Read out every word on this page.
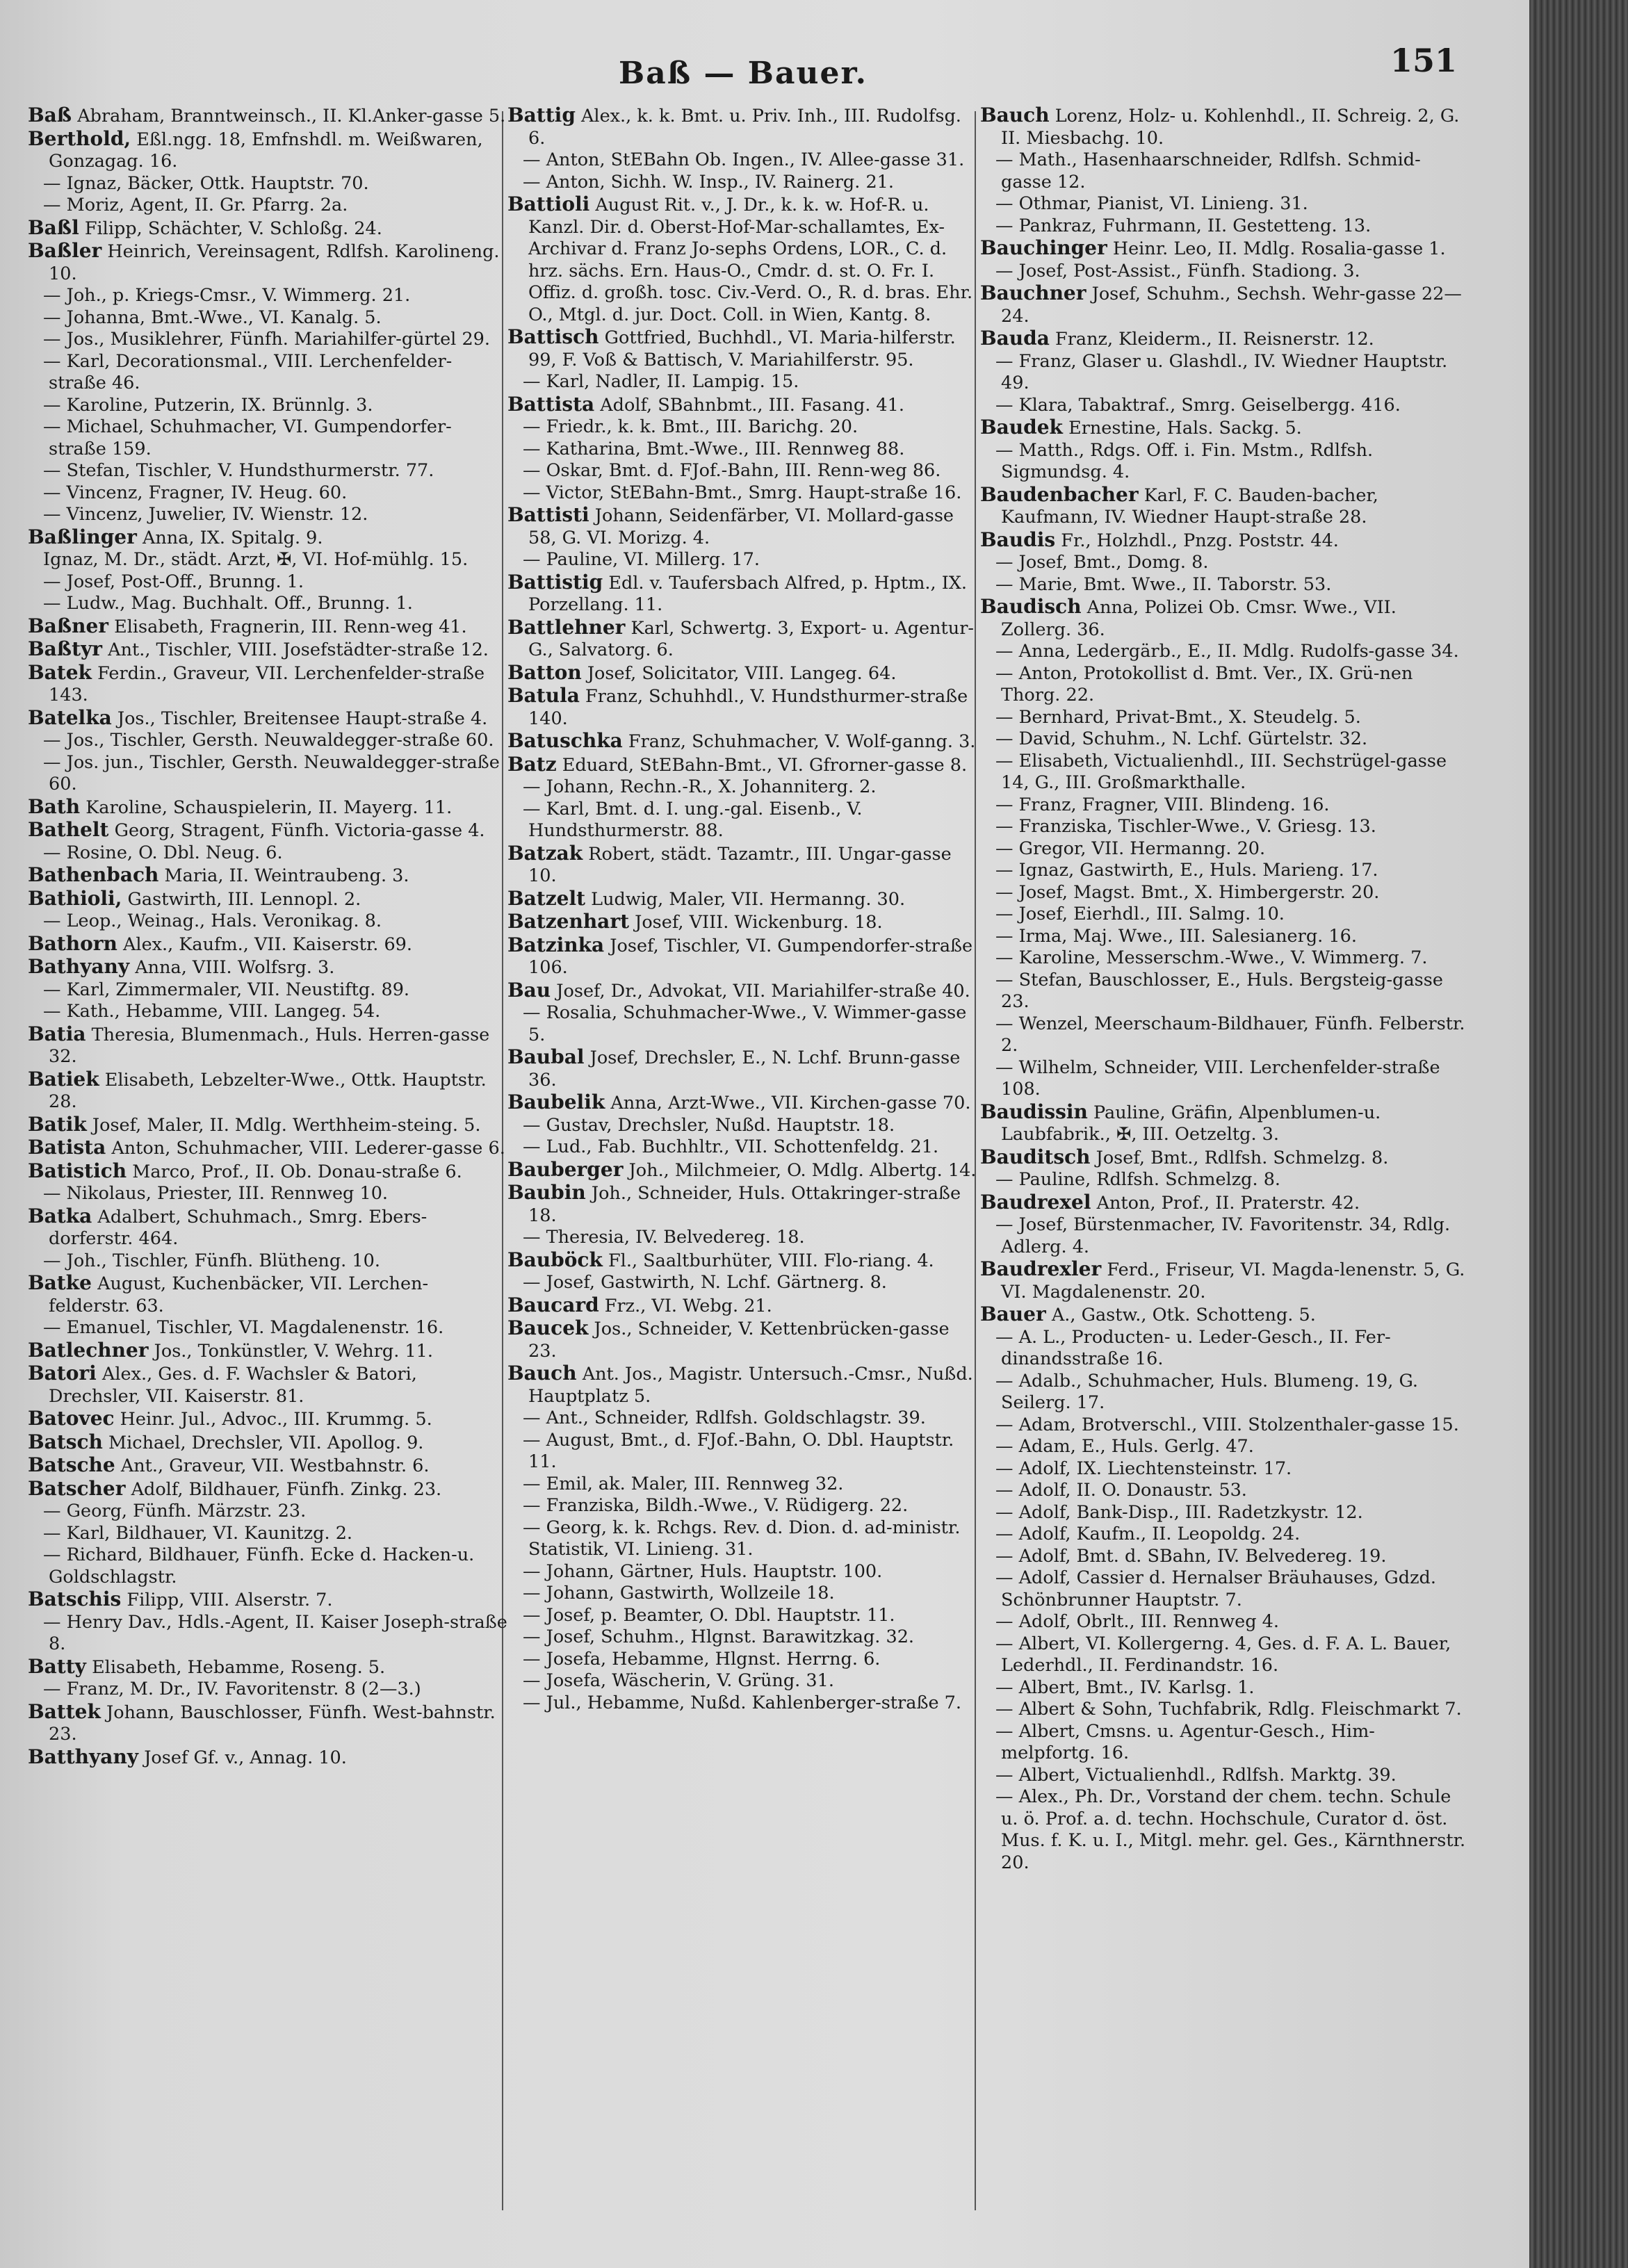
Baß — Bauer.	151

Baß Abraham, Branntweinsch., II. Kl.Anker-gasse 5.

Berthold, Eßl.ngg. 18, Emfnshdl. m. Weißwaren, Gonzagag. 16.

— Ignaz, Bäcker, Ottk. Hauptstr. 70.

— Moriz, Agent, II. Gr. Pfarrg. 2a.

Baßl Filipp, Schächter, V. Schloßg. 24.

Baßler Heinrich, Vereinsagent, Rdlfsh. Karolineng. 10.

— Joh., p. Kriegs-Cmsr., V. Wimmerg. 21.

— Johanna, Bmt.-Wwe., VI. Kanalg. 5.

— Jos., Musiklehrer, Fünfh. Mariahilfer-gürtel 29.

— Karl, Decorationsmal., VIII. Lerchenfelder-straße 46.

— Karoline, Putzerin, IX. Brünnlg. 3.

— Michael, Schuhmacher, VI. Gumpendorfer-straße 159.

— Stefan, Tischler, V. Hundsthurmerstr. 77.

— Vincenz, Fragner, IV. Heug. 60.

— Vincenz, Juwelier, IV. Wienstr. 12.

Baßlinger Anna, IX. Spitalg. 9.

Ignaz, M. Dr., städt. Arzt, ✠, VI. Hof-mühlg. 15.

— Josef, Post-Off., Brunng. 1.

— Ludw., Mag. Buchhalt. Off., Brunng. 1.

Baßner Elisabeth, Fragnerin, III. Renn-weg 41.

Baßtyr Ant., Tischler, VIII. Josefstädter-straße 12.

Batek Ferdin., Graveur, VII. Lerchenfelder-straße 143.

Batelka Jos., Tischler, Breitensee Haupt-straße 4.

— Jos., Tischler, Gersth. Neuwaldegger-straße 60.

— Jos. jun., Tischler, Gersth. Neuwaldegger-straße 60.

Bath Karoline, Schauspielerin, II. Mayerg. 11.

Bathelt Georg, Stragent, Fünfh. Victoria-gasse 4.

— Rosine, O. Dbl. Neug. 6.

Bathenbach Maria, II. Weintraubeng. 3.

Bathioli, Gastwirth, III. Lennopl. 2.

— Leop., Weinag., Hals. Veronikag. 8.

Bathorn Alex., Kaufm., VII. Kaiserstr. 69.

Bathyany Anna, VIII. Wolfsrg. 3.

— Karl, Zimmermaler, VII. Neustiftg. 89.

— Kath., Hebamme, VIII. Langeg. 54.

Batia Theresia, Blumenmach., Huls. Herren-gasse 32.

Batiek Elisabeth, Lebzelter-Wwe., Ottk. Hauptstr. 28.

Batik Josef, Maler, II. Mdlg. Werthheim-steing. 5.

Batista Anton, Schuhmacher, VIII. Lederer-gasse 6.

Batistich Marco, Prof., II. Ob. Donau-straße 6.

— Nikolaus, Priester, III. Rennweg 10.

Batka Adalbert, Schuhmach., Smrg. Ebers-dorferstr. 464.

— Joh., Tischler, Fünfh. Blütheng. 10.

Batke August, Kuchenbäcker, VII. Lerchen-felderstr. 63.

— Emanuel, Tischler, VI. Magdalenenstr. 16.

Batlechner Jos., Tonkünstler, V. Wehrg. 11.

Batori Alex., Ges. d. F. Wachsler & Batori, Drechsler, VII. Kaiserstr. 81.

Batovec Heinr. Jul., Advoc., III. Krummg. 5.

Batsch Michael, Drechsler, VII. Apollog. 9.

Batsche Ant., Graveur, VII. Westbahnstr. 6.

Batscher Adolf, Bildhauer, Fünfh. Zinkg. 23.

— Georg, Fünfh. Märzstr. 23.

— Karl, Bildhauer, VI. Kaunitzg. 2.

— Richard, Bildhauer, Fünfh. Ecke d. Hacken-u. Goldschlagstr.

Batschis Filipp, VIII. Alserstr. 7.

— Henry Dav., Hdls.-Agent, II. Kaiser Joseph-straße 8.

Batty Elisabeth, Hebamme, Roseng. 5.

— Franz, M. Dr., IV. Favoritenstr. 8 (2—3.)

Battek Johann, Bauschlosser, Fünfh. West-bahnstr. 23.

Batthyany Josef Gf. v., Annag. 10.

Battig Alex., k. k. Bmt. u. Priv. Inh., III. Rudolfsg. 6.

— Anton, StEBahn Ob. Ingen., IV. Allee-gasse 31.

— Anton, Sichh. W. Insp., IV. Rainerg. 21.

Battioli August Rit. v., J. Dr., k. k. w. Hof-R. u. Kanzl. Dir. d. Oberst-Hof-Mar-schallamtes, Ex-Archivar d. Franz Jo-sephs Ordens, LOR., C. d. hrz. sächs. Ern. Haus-O., Cmdr. d. st. O. Fr. I. Offiz. d. großh. tosc. Civ.-Verd. O., R. d. bras. Ehr. O., Mtgl. d. jur. Doct. Coll. in Wien, Kantg. 8.

Battisch Gottfried, Buchhdl., VI. Maria-hilferstr. 99, F. Voß & Battisch, V. Mariahilferstr. 95.

— Karl, Nadler, II. Lampig. 15.

Battista Adolf, SBahnbmt., III. Fasang. 41.

— Friedr., k. k. Bmt., III. Barichg. 20.

— Katharina, Bmt.-Wwe., III. Rennweg 88.

— Oskar, Bmt. d. FJof.-Bahn, III. Renn-weg 86.

— Victor, StEBahn-Bmt., Smrg. Haupt-straße 16.

Battisti Johann, Seidenfärber, VI. Mollard-gasse 58, G. VI. Morizg. 4.

— Pauline, VI. Millerg. 17.

Battistig Edl. v. Taufersbach Alfred, p. Hptm., IX. Porzellang. 11.

Battlehner Karl, Schwertg. 3, Export- u. Agentur-G., Salvatorg. 6.

Batton Josef, Solicitator, VIII. Langeg. 64.

Batula Franz, Schuhhdl., V. Hundsthurmer-straße 140.

Batuschka Franz, Schuhmacher, V. Wolf-ganng. 3.

Batz Eduard, StEBahn-Bmt., VI. Gfrorner-gasse 8.

— Johann, Rechn.-R., X. Johanniterg. 2.

— Karl, Bmt. d. I. ung.-gal. Eisenb., V. Hundsthurmerstr. 88.

Batzak Robert, städt. Tazamtr., III. Ungar-gasse 10.

Batzelt Ludwig, Maler, VII. Hermanng. 30.

Batzenhart Josef, VIII. Wickenburg. 18.

Batzinka Josef, Tischler, VI. Gumpendorfer-straße 106.

Bau Josef, Dr., Advokat, VII. Mariahilfer-straße 40.

— Rosalia, Schuhmacher-Wwe., V. Wimmer-gasse 5.

Baubal Josef, Drechsler, E., N. Lchf. Brunn-gasse 36.

Baubelik Anna, Arzt-Wwe., VII. Kirchen-gasse 70.

— Gustav, Drechsler, Nußd. Hauptstr. 18.

— Lud., Fab. Buchhltr., VII. Schottenfeldg. 21.

Bauberger Joh., Milchmeier, O. Mdlg. Albertg. 14.

Baubin Joh., Schneider, Huls. Ottakringer-straße 18.

— Theresia, IV. Belvedereg. 18.

Bauböck Fl., Saaltburhüter, VIII. Flo-riang. 4.

— Josef, Gastwirth, N. Lchf. Gärtnerg. 8.

Baucard Frz., VI. Webg. 21.

Baucek Jos., Schneider, V. Kettenbrücken-gasse 23.

Bauch Ant. Jos., Magistr. Untersuch.-Cmsr., Nußd. Hauptplatz 5.

— Ant., Schneider, Rdlfsh. Goldschlagstr. 39.

— August, Bmt., d. FJof.-Bahn, O. Dbl. Hauptstr. 11.

— Emil, ak. Maler, III. Rennweg 32.

— Franziska, Bildh.-Wwe., V. Rüdigerg. 22.

— Georg, k. k. Rchgs. Rev. d. Dion. d. ad-ministr. Statistik, VI. Linieng. 31.

— Johann, Gärtner, Huls. Hauptstr. 100.

— Johann, Gastwirth, Wollzeile 18.

— Josef, p. Beamter, O. Dbl. Hauptstr. 11.

— Josef, Schuhm., Hlgnst. Barawitzkag. 32.

— Josefa, Hebamme, Hlgnst. Herrng. 6.

— Josefa, Wäscherin, V. Grüng. 31.

— Jul., Hebamme, Nußd. Kahlenberger-straße 7.

Bauch Lorenz, Holz- u. Kohlenhdl., II. Schreig. 2, G. II. Miesbachg. 10.

— Math., Hasenhaarschneider, Rdlfsh. Schmid-gasse 12.

— Othmar, Pianist, VI. Linieng. 31.

— Pankraz, Fuhrmann, II. Gestetteng. 13.

Bauchinger Heinr. Leo, II. Mdlg. Rosalia-gasse 1.

— Josef, Post-Assist., Fünfh. Stadiong. 3.

Bauchner Josef, Schuhm., Sechsh. Wehr-gasse 22—24.

Bauda Franz, Kleiderm., II. Reisnerstr. 12.

— Franz, Glaser u. Glashdl., IV. Wiedner Hauptstr. 49.

— Klara, Tabaktraf., Smrg. Geiselbergg. 416.

Baudek Ernestine, Hals. Sackg. 5.

— Matth., Rdgs. Off. i. Fin. Mstm., Rdlfsh. Sigmundsg. 4.

Baudenbacher Karl, F. C. Bauden-bacher, Kaufmann, IV. Wiedner Haupt-straße 28.

Baudis Fr., Holzhdl., Pnzg. Poststr. 44.

— Josef, Bmt., Domg. 8.

— Marie, Bmt. Wwe., II. Taborstr. 53.

Baudisch Anna, Polizei Ob. Cmsr. Wwe., VII. Zollerg. 36.

— Anna, Ledergärb., E., II. Mdlg. Rudolfs-gasse 34.

— Anton, Protokollist d. Bmt. Ver., IX. Grü-nen Thorg. 22.

— Bernhard, Privat-Bmt., X. Steudelg. 5.

— David, Schuhm., N. Lchf. Gürtelstr. 32.

— Elisabeth, Victualienhdl., III. Sechstrügel-gasse 14, G., III. Großmarkthalle.

— Franz, Fragner, VIII. Blindeng. 16.

— Franziska, Tischler-Wwe., V. Griesg. 13.

— Gregor, VII. Hermanng. 20.

— Ignaz, Gastwirth, E., Huls. Marieng. 17.

— Josef, Magst. Bmt., X. Himbergerstr. 20.

— Josef, Eierhdl., III. Salmg. 10.

— Irma, Maj. Wwe., III. Salesianerg. 16.

— Karoline, Messerschm.-Wwe., V. Wimmerg. 7.

— Stefan, Bauschlosser, E., Huls. Bergsteig-gasse 23.

— Wenzel, Meerschaum-Bildhauer, Fünfh. Felberstr. 2.

— Wilhelm, Schneider, VIII. Lerchenfelder-straße 108.

Baudissin Pauline, Gräfin, Alpenblumen-u. Laubfabrik., ✠, III. Oetzeltg. 3.

Bauditsch Josef, Bmt., Rdlfsh. Schmelzg. 8.

— Pauline, Rdlfsh. Schmelzg. 8.

Baudrexel Anton, Prof., II. Praterstr. 42.

— Josef, Bürstenmacher, IV. Favoritenstr. 34, Rdlg. Adlerg. 4.

Baudrexler Ferd., Friseur, VI. Magda-lenenstr. 5, G. VI. Magdalenenstr. 20.

Bauer A., Gastw., Otk. Schotteng. 5.

— A. L., Producten- u. Leder-Gesch., II. Fer-dinandsstraße 16.

— Adalb., Schuhmacher, Huls. Blumeng. 19, G. Seilerg. 17.

— Adam, Brotverschl., VIII. Stolzenthaler-gasse 15.

— Adam, E., Huls. Gerlg. 47.

— Adolf, IX. Liechtensteinstr. 17.

— Adolf, II. O. Donaustr. 53.

— Adolf, Bank-Disp., III. Radetzkystr. 12.

— Adolf, Kaufm., II. Leopoldg. 24.

— Adolf, Bmt. d. SBahn, IV. Belvedereg. 19.

— Adolf, Cassier d. Hernalser Bräuhauses, Gdzd. Schönbrunner Hauptstr. 7.

— Adolf, Obrlt., III. Rennweg 4.

— Albert, VI. Kollergerng. 4, Ges. d. F. A. L. Bauer, Lederhdl., II. Ferdinandstr. 16.

— Albert, Bmt., IV. Karlsg. 1.

— Albert & Sohn, Tuchfabrik, Rdlg. Fleischmarkt 7.

— Albert, Cmsns. u. Agentur-Gesch., Him-melpfortg. 16.

— Albert, Victualienhdl., Rdlfsh. Marktg. 39.

— Alex., Ph. Dr., Vorstand der chem. techn. Schule u. ö. Prof. a. d. techn. Hochschule, Curator d. öst. Mus. f. K. u. I., Mitgl. mehr. gel. Ges., Kärnthnerstr. 20.
